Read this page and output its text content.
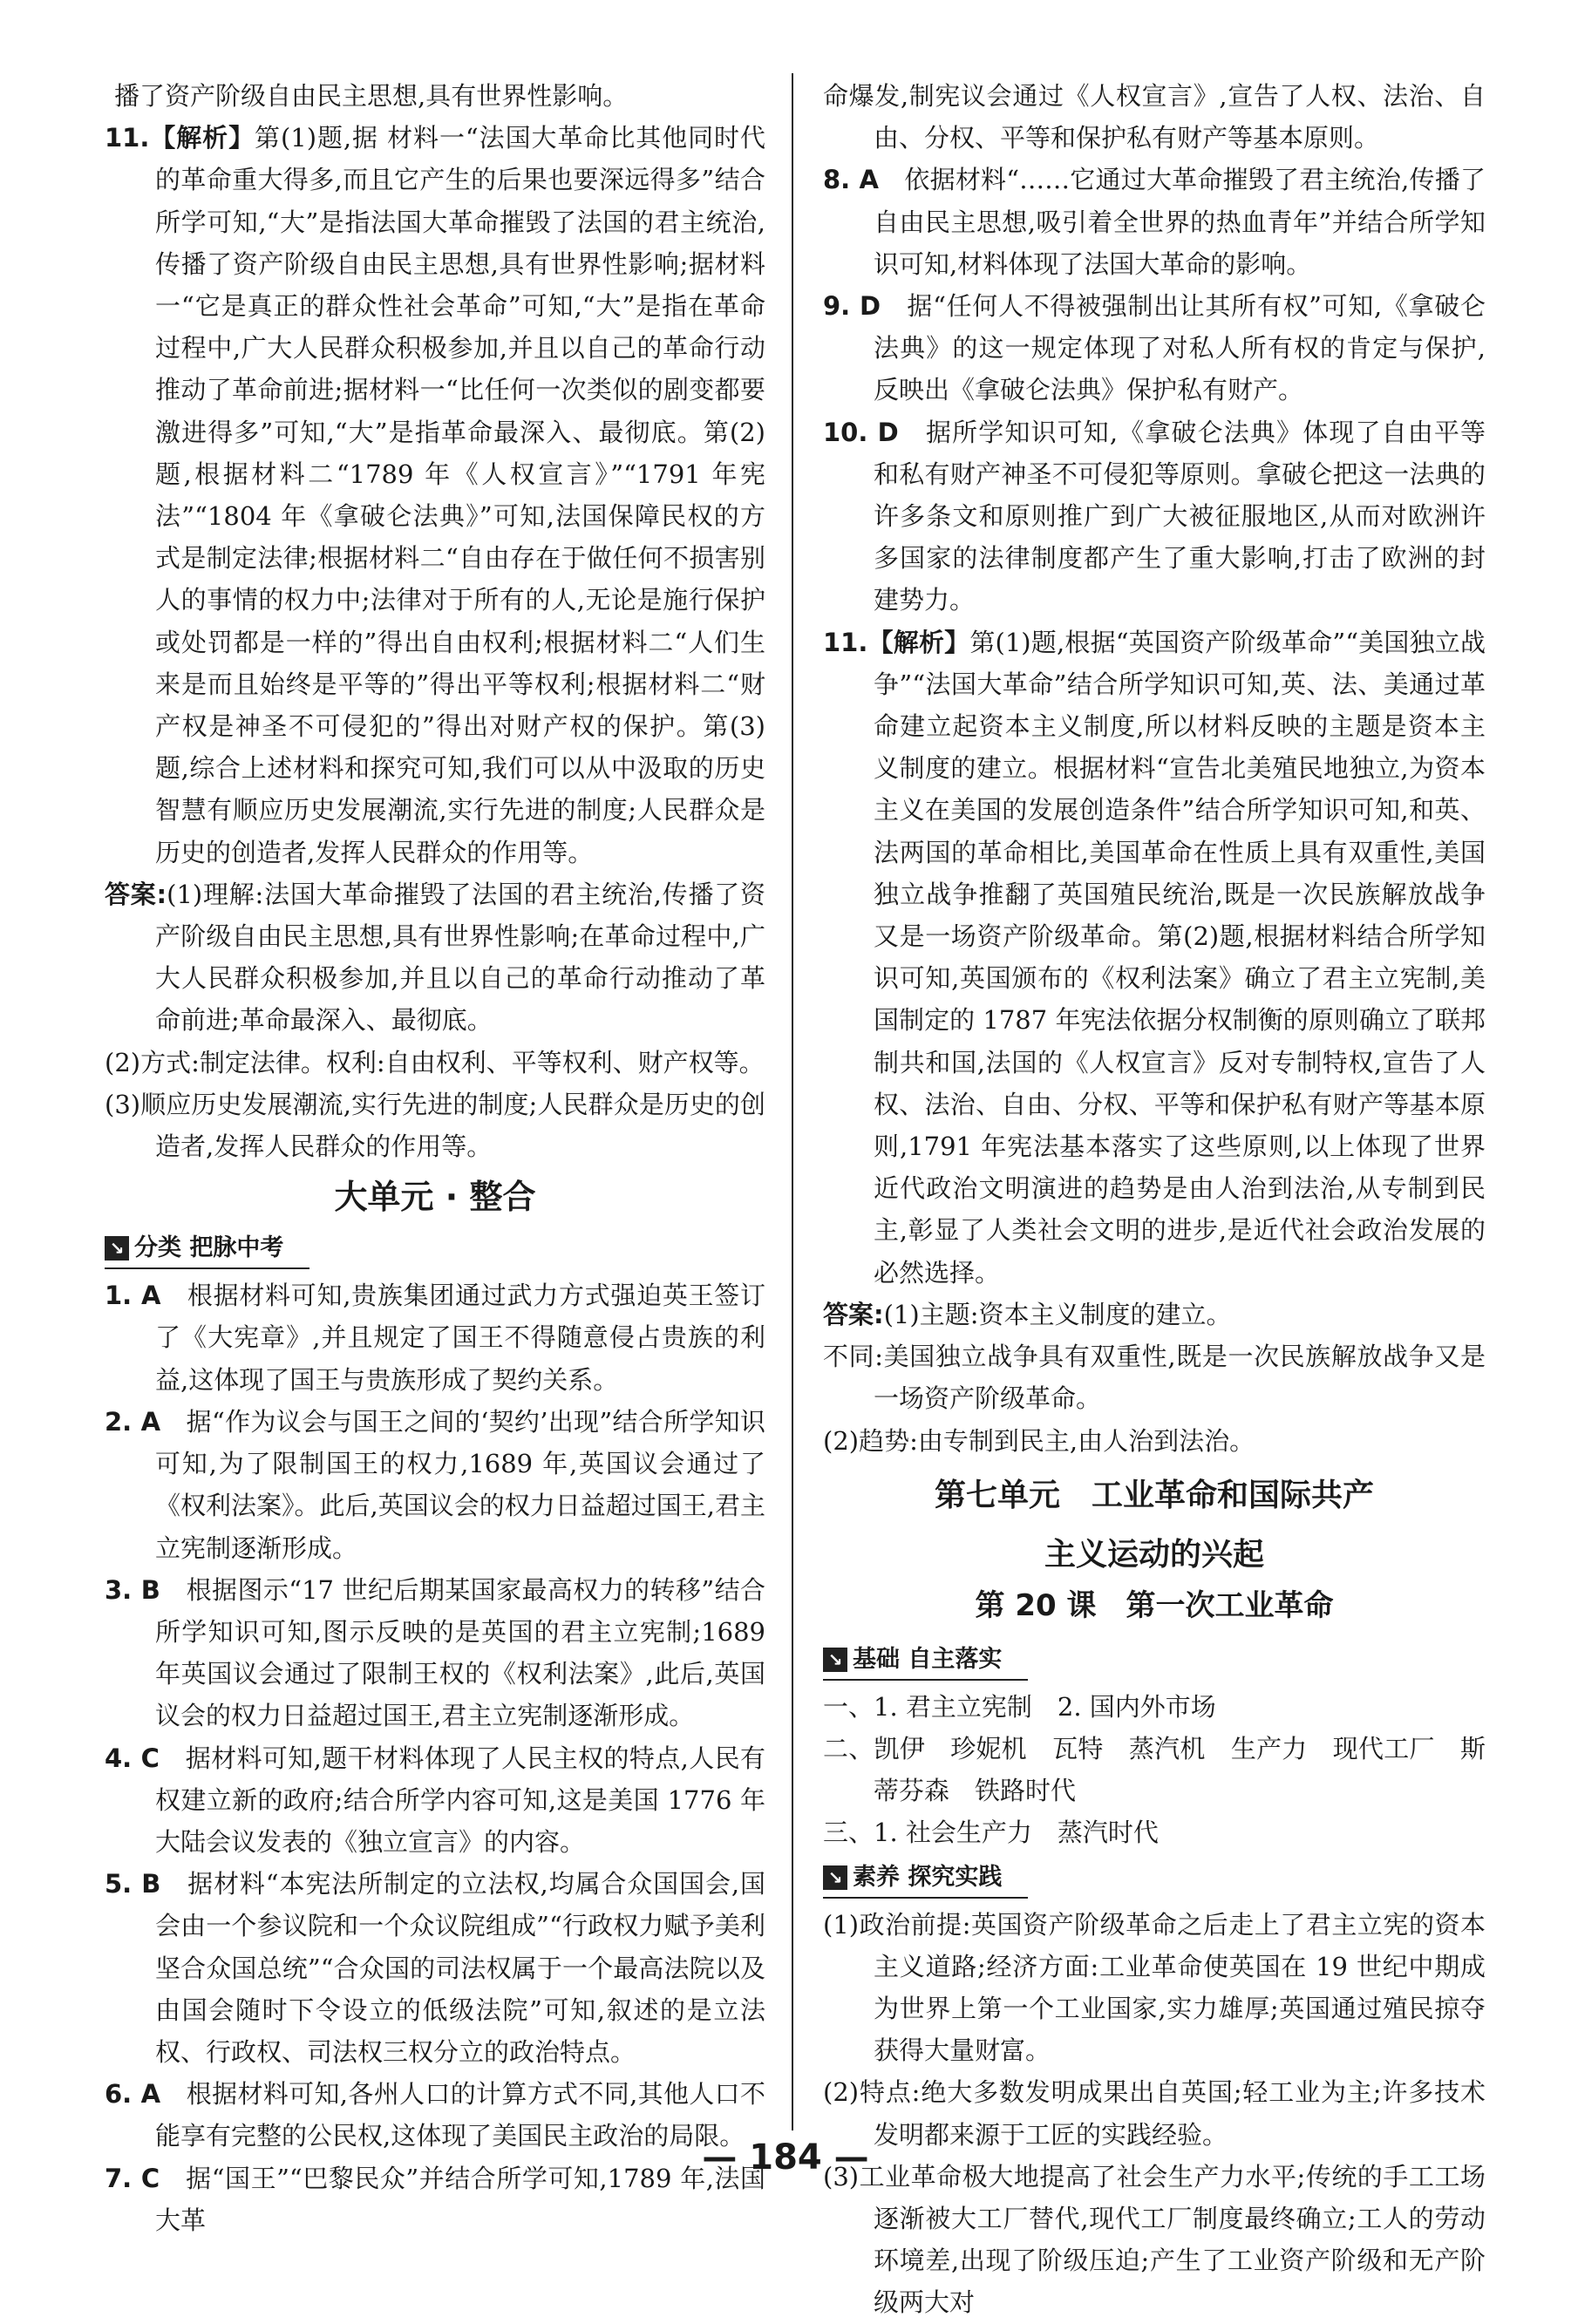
播了资产阶级自由民主思想,具有世界性影响。

11.【解析】第(1)题,据 材料一“法国大革命比其他同时代的革命重大得多,而且它产生的后果也要深远得多”结合所学可知,“大”是指法国大革命摧毁了法国的君主统治,传播了资产阶级自由民主思想,具有世界性影响;据材料一“它是真正的群众性社会革命”可知,“大”是指在革命过程中,广大人民群众积极参加,并且以自己的革命行动推动了革命前进;据材料一“比任何一次类似的剧变都要激进得多”可知,“大”是指革命最深入、最彻底。第(2)题,根据材料二“1789 年《人权宣言》”“1791 年宪法”“1804 年《拿破仑法典》”可知,法国保障民权的方式是制定法律;根据材料二“自由存在于做任何不损害别人的事情的权力中;法律对于所有的人,无论是施行保护或处罚都是一样的”得出自由权利;根据材料二“人们生来是而且始终是平等的”得出平等权利;根据材料二“财产权是神圣不可侵犯的”得出对财产权的保护。第(3)题,综合上述材料和探究可知,我们可以从中汲取的历史智慧有顺应历史发展潮流,实行先进的制度;人民群众是历史的创造者,发挥人民群众的作用等。

答案:(1)理解:法国大革命摧毁了法国的君主统治,传播了资产阶级自由民主思想,具有世界性影响;在革命过程中,广大人民群众积极参加,并且以自己的革命行动推动了革命前进;革命最深入、最彻底。

(2)方式:制定法律。权利:自由权利、平等权利、财产权等。

(3)顺应历史发展潮流,实行先进的制度;人民群众是历史的创造者,发挥人民群众的作用等。

大单元 · 整合
↘ 分类 把脉中考

1. A　 根据材料可知,贵族集团通过武力方式强迫英王签订了《大宪章》,并且规定了国王不得随意侵占贵族的利益,这体现了国王与贵族形成了契约关系。

2. A　 据“作为议会与国王之间的‘契约’出现”结合所学知识可知,为了限制国王的权力,1689 年,英国议会通过了《权利法案》。此后,英国议会的权力日益超过国王,君主立宪制逐渐形成。

3. B　 根据图示“17 世纪后期某国家最高权力的转移”结合所学知识可知,图示反映的是英国的君主立宪制;1689 年英国议会通过了限制王权的《权利法案》,此后,英国议会的权力日益超过国王,君主立宪制逐渐形成。

4. C　 据材料可知,题干材料体现了人民主权的特点,人民有权建立新的政府;结合所学内容可知,这是美国 1776 年大陆会议发表的《独立宣言》的内容。

5. B　 据材料“本宪法所制定的立法权,均属合众国国会,国会由一个参议院和一个众议院组成”“行政权力赋予美利坚合众国总统”“合众国的司法权属于一个最高法院以及由国会随时下令设立的低级法院”可知,叙述的是立法权、行政权、司法权三权分立的政治特点。

6. A　 根据材料可知,各州人口的计算方式不同,其他人口不能享有完整的公民权,这体现了美国民主政治的局限。

7. C　 据“国王”“巴黎民众”并结合所学可知,1789 年,法国大革

命爆发,制宪议会通过《人权宣言》,宣告了人权、法治、自由、分权、平等和保护私有财产等基本原则。

8. A　 依据材料“……它通过大革命摧毁了君主统治,传播了自由民主思想,吸引着全世界的热血青年”并结合所学知识可知,材料体现了法国大革命的影响。

9. D　 据“任何人不得被强制出让其所有权”可知,《拿破仑法典》的这一规定体现了对私人所有权的肯定与保护,反映出《拿破仑法典》保护私有财产。

10. D　 据所学知识可知,《拿破仑法典》体现了自由平等和私有财产神圣不可侵犯等原则。拿破仑把这一法典的许多条文和原则推广到广大被征服地区,从而对欧洲许多国家的法律制度都产生了重大影响,打击了欧洲的封建势力。

11.【解析】第(1)题,根据“英国资产阶级革命”“美国独立战争”“法国大革命”结合所学知识可知,英、法、美通过革命建立起资本主义制度,所以材料反映的主题是资本主义制度的建立。根据材料“宣告北美殖民地独立,为资本主义在美国的发展创造条件”结合所学知识可知,和英、法两国的革命相比,美国革命在性质上具有双重性,美国独立战争推翻了英国殖民统治,既是一次民族解放战争又是一场资产阶级革命。第(2)题,根据材料结合所学知识可知,英国颁布的《权利法案》确立了君主立宪制,美国制定的 1787 年宪法依据分权制衡的原则确立了联邦制共和国,法国的《人权宣言》反对专制特权,宣告了人权、法治、自由、分权、平等和保护私有财产等基本原则,1791 年宪法基本落实了这些原则,以上体现了世界近代政治文明演进的趋势是由人治到法治,从专制到民主,彰显了人类社会文明的进步,是近代社会政治发展的必然选择。

答案:(1)主题:资本主义制度的建立。

不同:美国独立战争具有双重性,既是一次民族解放战争又是一场资产阶级革命。

(2)趋势:由专制到民主,由人治到法治。

第七单元　工业革命和国际共产
主义运动的兴起
第 20 课　第一次工业革命
↘ 基础 自主落实

一、1. 君主立宪制　2. 国内外市场

二、凯伊　珍妮机　瓦特　蒸汽机　生产力　现代工厂　斯蒂芬森　铁路时代

三、1. 社会生产力　蒸汽时代

↘ 素养 探究实践

(1)政治前提:英国资产阶级革命之后走上了君主立宪的资本主义道路;经济方面:工业革命使英国在 19 世纪中期成为世界上第一个工业国家,实力雄厚;英国通过殖民掠夺获得大量财富。

(2)特点:绝大多数发明成果出自英国;轻工业为主;许多技术发明都来源于工匠的实践经验。

(3)工业革命极大地提高了社会生产力水平;传统的手工工场逐渐被大工厂替代,现代工厂制度最终确立;工人的劳动环境差,出现了阶级压迫;产生了工业资产阶级和无产阶级两大对

— 184 —
